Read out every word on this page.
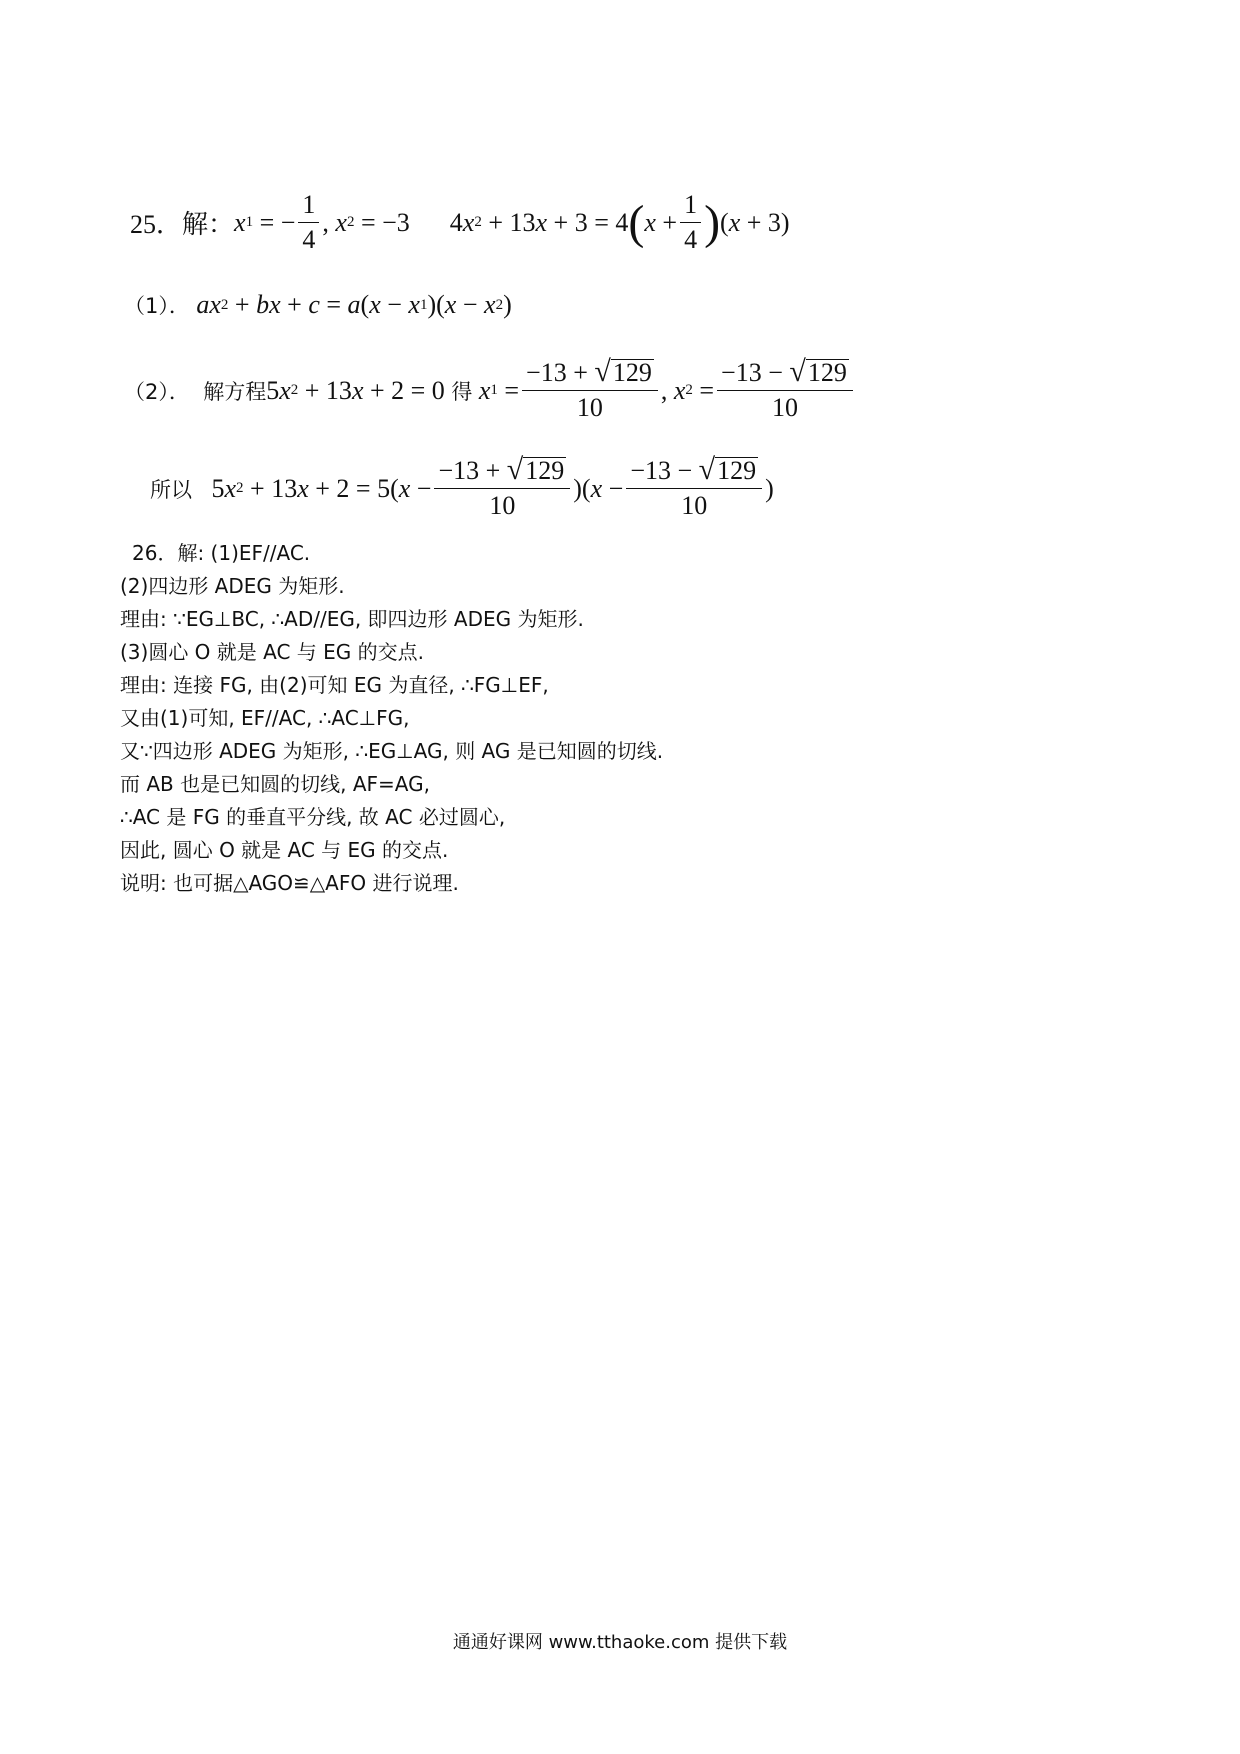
25．解： x 1 = − $\frac{1}{4}$ , x 2 = −3
4 x 2 + 13 x + 3 = 4 ( $x + \frac{1}{4}$ ) ( x + 3)
（1）．
ax 2 + bx + c = a ( x − x 1 )( x − x 2 )
（2）．  解方程 5 x 2 + 13 x + 2 = 0 得
x $1 = \frac{-13 + √ 129}{10}$ , x $2 = \frac{-13 - √ 129}{10}$
所以 5 x 2 + 13 x + 2 = 5( $x - \frac{-13 + √ 129}{10}$ )( $x - \frac{-13 - √ 129}{10}$ )
26．解: (1)EF//AC.
(2)四边形 ADEG 为矩形.
理由: ∵EG⊥BC, ∴AD//EG, 即四边形 ADEG 为矩形.
(3)圆心 O 就是 AC 与 EG 的交点.
理由: 连接 FG, 由(2)可知 EG 为直径, ∴FG⊥EF,
又由(1)可知, EF//AC, ∴AC⊥FG,
又∵四边形 ADEG 为矩形, ∴EG⊥AG, 则 AG 是已知圆的切线.
而 AB 也是已知圆的切线, AF=AG,
∴AC 是 FG 的垂直平分线, 故 AC 必过圆心,
因此, 圆心 O 就是 AC 与 EG 的交点.
说明: 也可据△AGO≌△AFO 进行说理.
通通好课网 www.tthaoke.com 提供下载
